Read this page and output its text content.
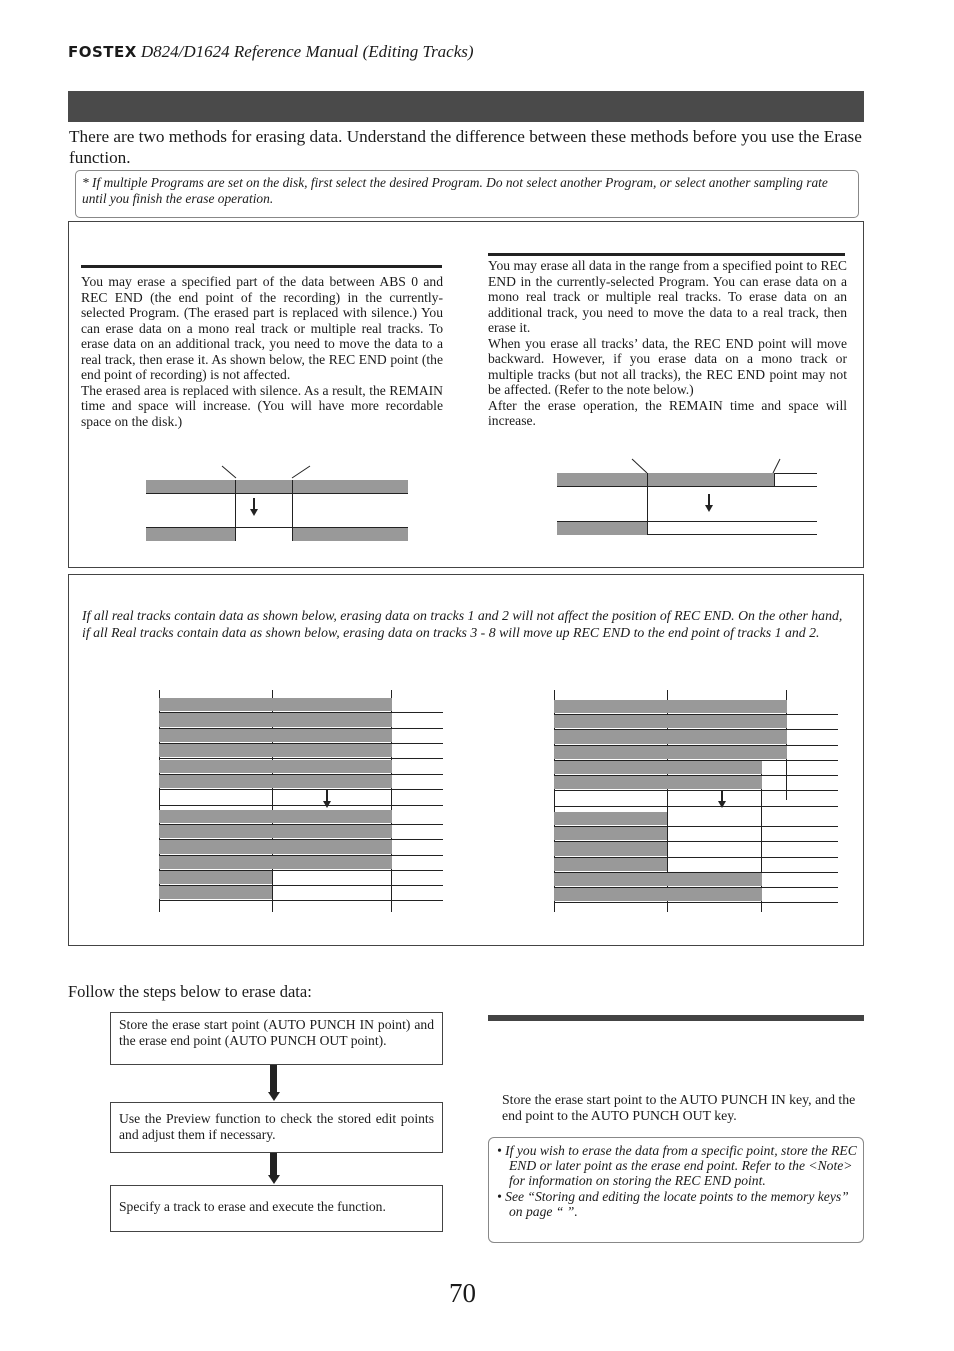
FOSTEX D824/D1624 Reference Manual (Editing Tracks)
There are two methods for erasing data. Understand the difference between these methods before you use the Erase function.
* If multiple Programs are set on the disk, first select the desired Program. Do not select another Program, or select another sampling rate until you finish the erase operation.

You may erase a specified part of the data between ABS 0 and REC END (the end point of the recording) in the currently-selected Program. (The erased part is replaced with silence.) You can erase data on a mono real track or multiple real tracks. To erase data on an additional track, you need to move the data to a real track, then erase it. As shown below, the REC END point (the end point of recording) is not affected.

The erased area is replaced with silence. As a result, the REMAIN time and space will increase. (You will have more recordable space on the disk.)

You may erase all data in the range from a specified point to REC END in the currently-selected Program. You can erase data on a mono real track or multiple real tracks. To erase data on an additional track, you need to move the data to a real track, then erase it.

When you erase all tracks’ data, the REC END point will move backward. However, if you erase data on a mono track or multiple tracks (but not all tracks), the REC END point may not be affected. (Refer to the note below.)

After the erase operation, the REMAIN time and space will increase.

If all real tracks contain data as shown below, erasing data on tracks 1 and 2 will not affect the position of REC END. On the other hand, if all Real tracks contain data as shown below, erasing data on tracks 3 - 8 will move up REC END to the end point of tracks 1 and 2.
Follow the steps below to erase data:
Store the erase start point (AUTO PUNCH IN point) and the erase end point (AUTO PUNCH OUT point).
Use the Preview function to check the stored edit points and adjust them if necessary.
Specify a track to erase and execute the function.
Store the erase start point to the AUTO PUNCH IN key, and the end point to the AUTO PUNCH OUT key.

• If you wish to erase the data from a specific point, store the REC END or later point as the erase end point. Refer to the <Note> for information on storing the REC END point.

• See “Storing and editing the locate points to the memory keys” on page “ ”.

70
